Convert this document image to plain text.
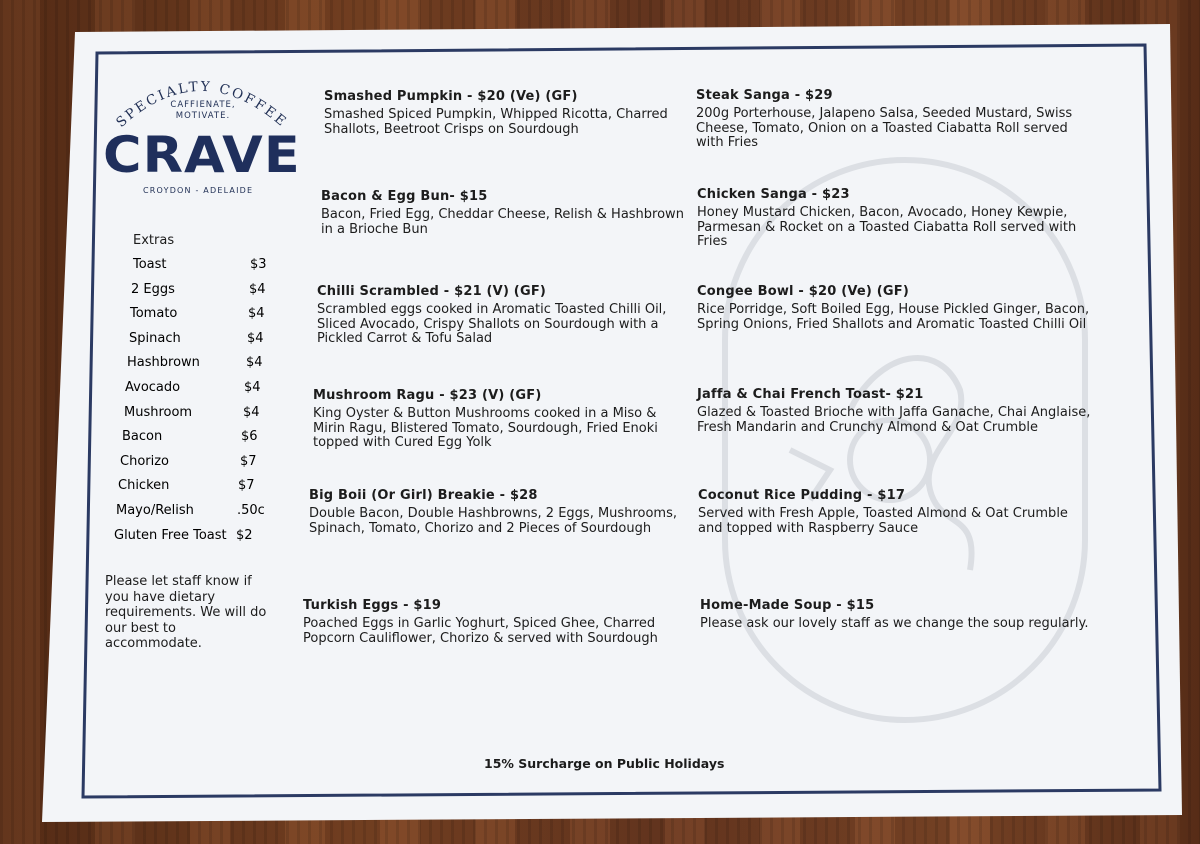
SPECIALTY COFFEE
CAFFIENATE,
MOTIVATE.
CRAVE
CROYDON - ADELAIDE
Extras
Toast	$3
2 Eggs	$4
Tomato	$4
Spinach	$4
Hashbrown	$4
Avocado	$4
Mushroom	$4
Bacon	$6
Chorizo	$7
Chicken	$7
Mayo/Relish	.50c
Gluten Free Toast $2
Please let staff know if you have dietary requirements. We will do our best to accommodate.
Smashed Pumpkin - $20 (Ve) (GF)

Smashed Spiced Pumpkin, Whipped Ricotta, Charred Shallots, Beetroot Crisps on Sourdough

Bacon & Egg Bun- $15

Bacon, Fried Egg, Cheddar Cheese, Relish & Hashbrown in a Brioche Bun

Chilli Scrambled - $21 (V) (GF)

Scrambled eggs cooked in Aromatic Toasted Chilli Oil, Sliced Avocado, Crispy Shallots on Sourdough with a Pickled Carrot & Tofu Salad

Mushroom Ragu - $23 (V) (GF)

King Oyster & Button Mushrooms cooked in a Miso & Mirin Ragu, Blistered Tomato, Sourdough, Fried Enoki topped with Cured Egg Yolk

Big Boii (Or Girl) Breakie - $28

Double Bacon, Double Hashbrowns, 2 Eggs, Mushrooms, Spinach, Tomato, Chorizo and 2 Pieces of Sourdough

Turkish Eggs - $19

Poached Eggs in Garlic Yoghurt, Spiced Ghee, Charred Popcorn Cauliflower, Chorizo & served with Sourdough

Steak Sanga - $29

200g Porterhouse, Jalapeno Salsa, Seeded Mustard, Swiss Cheese, Tomato, Onion on a Toasted Ciabatta Roll served with Fries

Chicken Sanga - $23

Honey Mustard Chicken, Bacon, Avocado, Honey Kewpie, Parmesan & Rocket on a Toasted Ciabatta Roll served with Fries

Congee Bowl - $20 (Ve) (GF)

Rice Porridge, Soft Boiled Egg, House Pickled Ginger, Bacon, Spring Onions, Fried Shallots and Aromatic Toasted Chilli Oil

Jaffa & Chai French Toast- $21

Glazed & Toasted Brioche with Jaffa Ganache, Chai Anglaise, Fresh Mandarin and Crunchy Almond & Oat Crumble

Coconut Rice Pudding - $17

Served with Fresh Apple, Toasted Almond & Oat Crumble and topped with Raspberry Sauce

Home-Made Soup - $15

Please ask our lovely staff as we change the soup regularly.

15% Surcharge on Public Holidays
